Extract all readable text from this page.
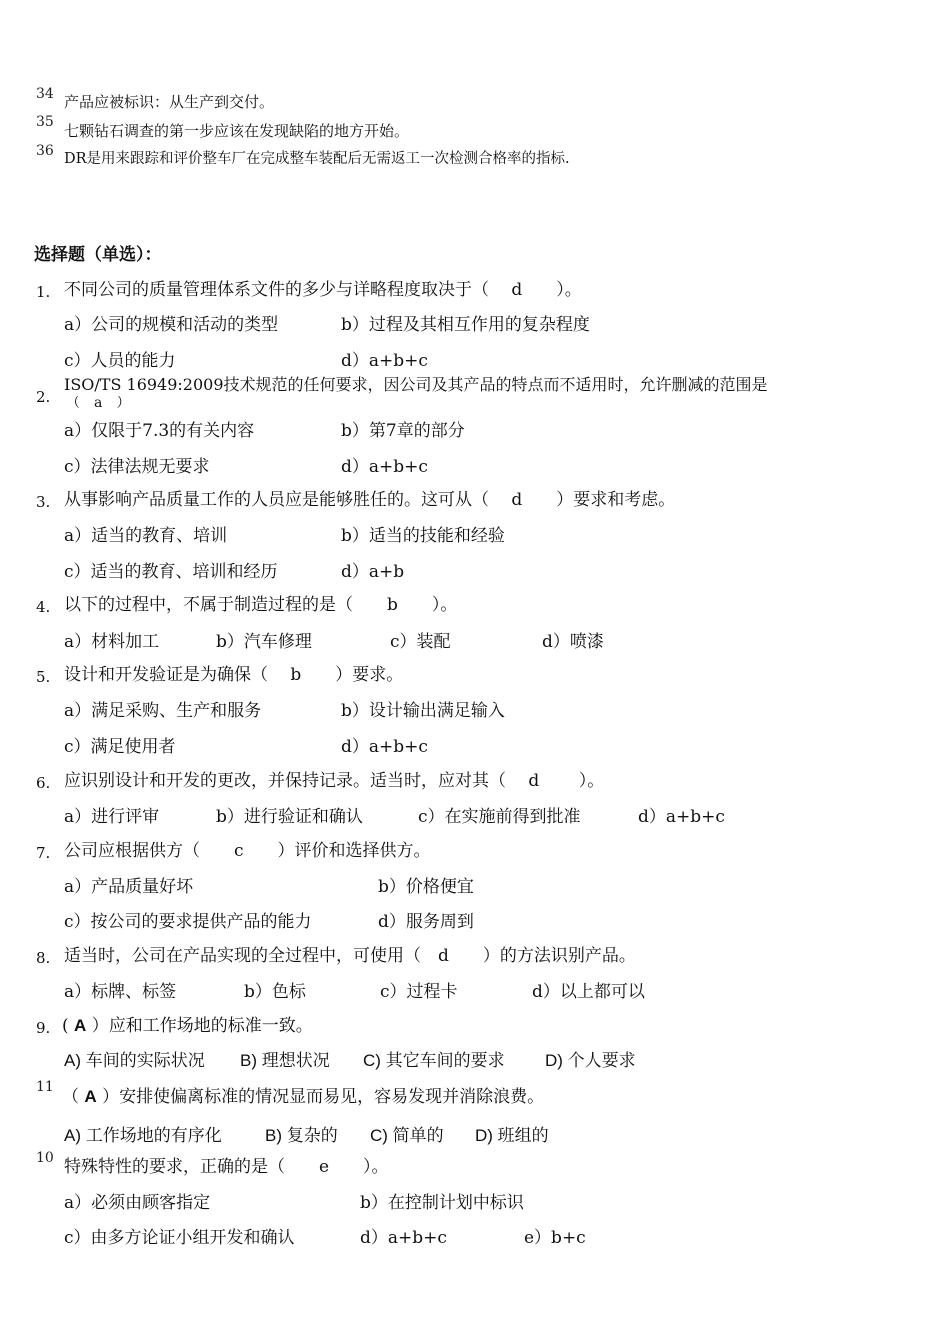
34 产品应被标识：从生产到交付。
35 七颗钻石调查的第一步应该在发现缺陷的地方开始。
36 DR是用来跟踪和评价整车厂在完成整车装配后无需返工一次检测合格率的指标.
选择题（单选）：
1. 不同公司的质量管理体系文件的多少与详略程度取决于（　 d　　）。
a）公司的规模和活动的类型	b）过程及其相互作用的复杂程度
c）人员的能力	d）a+b+c
2.
ISO/TS 16949:2009技术规范的任何要求，因公司及其产品的特点而不适用时，允许删减的范围是
（　a　）
a）仅限于7.3的有关内容	b）第7章的部分
c）法律法规无要求	d）a+b+c
3. 从事影响产品质量工作的人员应是能够胜任的。这可从（　 d　　）要求和考虑。
a）适当的教育、培训	b）适当的技能和经验
c）适当的教育、培训和经历	d）a+b
4. 以下的过程中，不属于制造过程的是（　　b　　）。
a）材料加工	b）汽车修理	c）装配	d）喷漆
5. 设计和开发验证是为确保（　 b　　）要求。
a）满足采购、生产和服务	b）设计输出满足输入
c）满足使用者	d）a+b+c
6. 应识别设计和开发的更改，并保持记录。适当时，应对其（　 d　　 ）。
a）进行评审	b）进行验证和确认	c）在实施前得到批准	d）a+b+c
7. 公司应根据供方（　　c　　）评价和选择供方。
a）产品质量好坏	b）价格便宜
c）按公司的要求提供产品的能力	d）服务周到
8. 适当时，公司在产品实现的全过程中，可使用（　d　　）的方法识别产品。
a）标牌、标签	b）色标	c）过程卡	d）以上都可以
9. ( A ）应和工作场地的标准一致。
A) 车间的实际状况 B) 理想状况 C) 其它车间的要求 D) 个人要求
11 （ A ）安排使偏离标准的情况显而易见，容易发现并消除浪费。
A) 工作场地的有序化	B) 复杂的 C) 简单的 D) 班组的
10 特殊特性的要求，正确的是（　　e　　）。
a）必须由顾客指定	b）在控制计划中标识
c）由多方论证小组开发和确认	d）a+b+c	e）b+c
